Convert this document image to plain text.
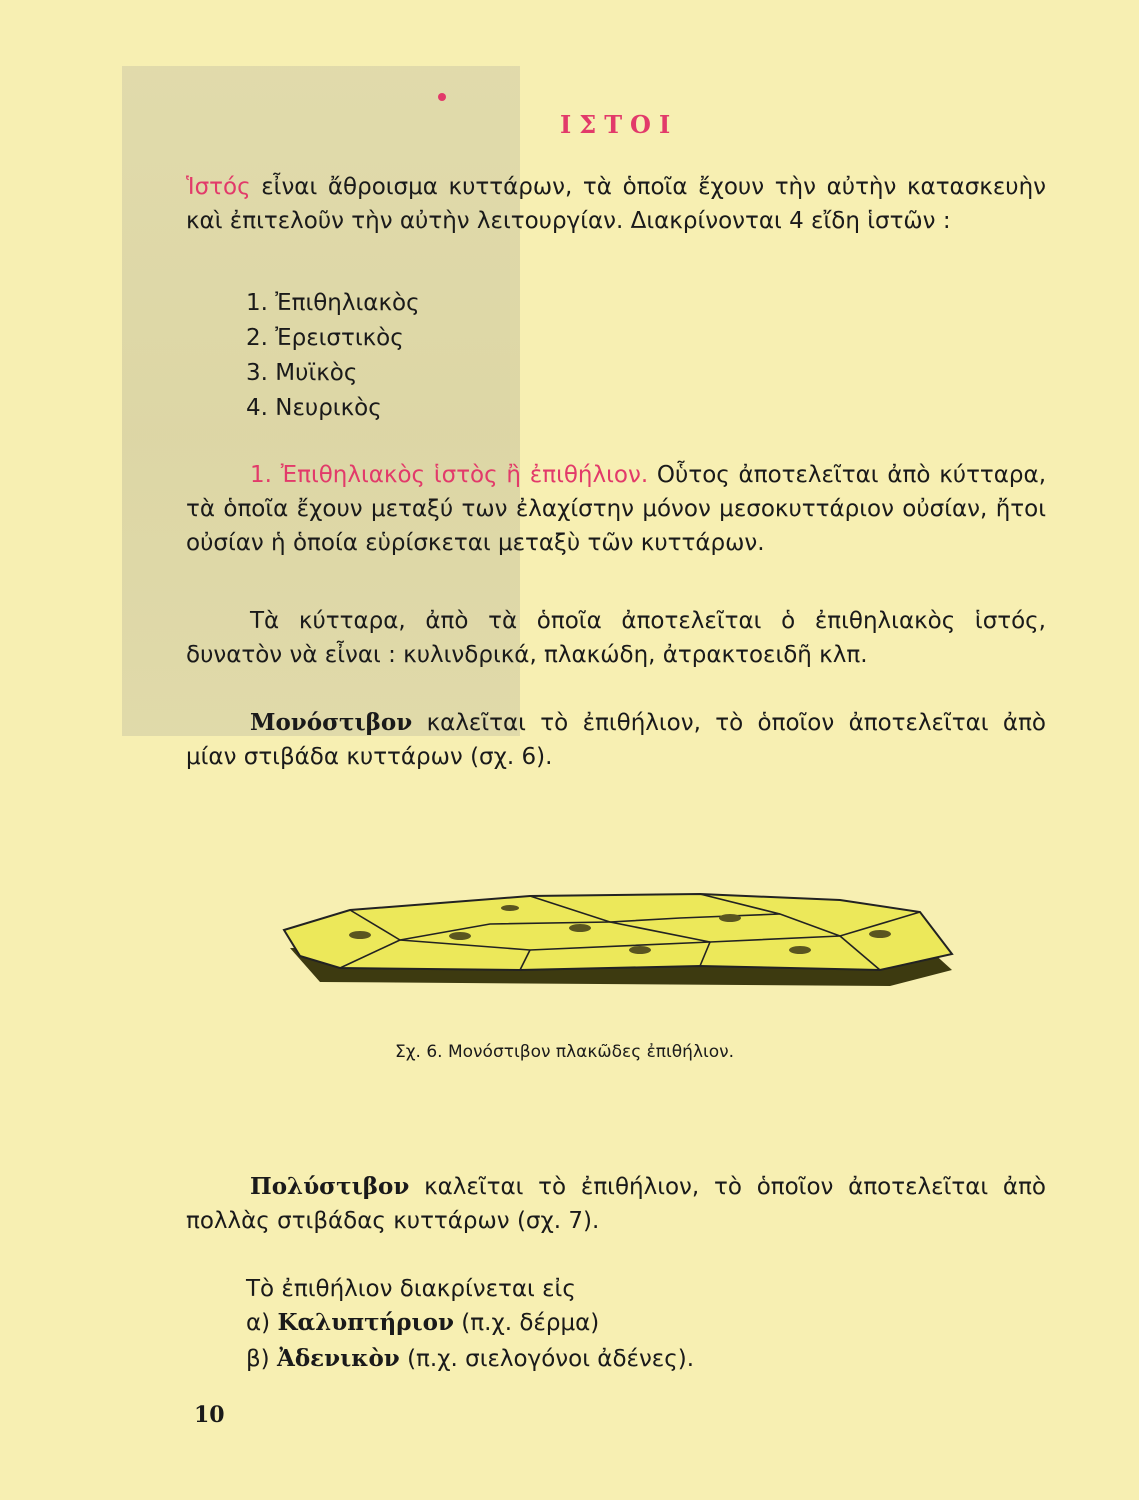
ΙΣΤΟΙ
Ἱστός εἶναι ἄθροισμα κυττάρων, τὰ ὁποῖα ἔχουν τὴν αὐτὴν κατασκευὴν καὶ ἐπιτελοῦν τὴν αὐτὴν λειτουργίαν. Διακρίνονται 4 εἴδη ἱστῶν :
1. Ἐπιθηλιακὸς
2. Ἐρειστικὸς
3. Μυϊκὸς
4. Νευρικὸς
1. Ἐπιθηλιακὸς ἱστὸς ἢ ἐπιθήλιον. Οὗτος ἀποτελεῖται ἀπὸ κύτταρα, τὰ ὁποῖα ἔχουν μεταξύ των ἐλαχίστην μόνον μεσοκυττάριον οὐσίαν, ἤτοι οὐσίαν ἡ ὁποία εὑρίσκεται μεταξὺ τῶν κυττάρων.
Τὰ κύτταρα, ἀπὸ τὰ ὁποῖα ἀποτελεῖται ὁ ἐπιθηλιακὸς ἱστός, δυνατὸν νὰ εἶναι : κυλινδρικά, πλακώδη, ἀτρακτοειδῆ κλπ.
Μονόστιβον καλεῖται τὸ ἐπιθήλιον, τὸ ὁποῖον ἀποτελεῖται ἀπὸ μίαν στιβάδα κυττάρων (σχ. 6).
Σχ. 6. Μονόστιβον πλακῶδες ἐπιθήλιον.
Πολύστιβον καλεῖται τὸ ἐπιθήλιον, τὸ ὁποῖον ἀποτελεῖται ἀπὸ πολλὰς στιβάδας κυττάρων (σχ. 7).
Τὸ ἐπιθήλιον διακρίνεται εἰς
α) Καλυπτήριον (π.χ. δέρμα)
β) Ἀδενικὸν (π.χ. σιελογόνοι ἀδένες).
10
